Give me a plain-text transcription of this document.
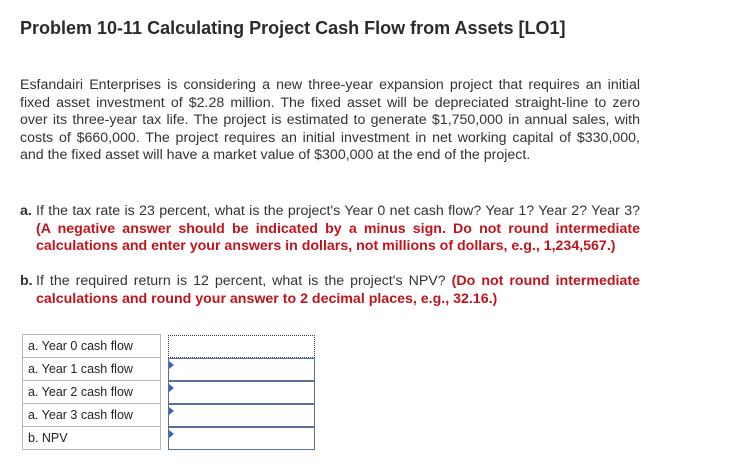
Problem 10-11 Calculating Project Cash Flow from Assets [LO1]
Esfandairi Enterprises is considering a new three-year expansion project that requires an initial fixed asset investment of $2.28 million. The fixed asset will be depreciated straight-line to zero over its three-year tax life. The project is estimated to generate $1,750,000 in annual sales, with costs of $660,000. The project requires an initial investment in net working capital of $330,000, and the fixed asset will have a market value of $300,000 at the end of the project.
a. If the tax rate is 23 percent, what is the project's Year 0 net cash flow? Year 1? Year 2? Year 3? (A negative answer should be indicated by a minus sign. Do not round intermediate calculations and enter your answers in dollars, not millions of dollars, e.g., 1,234,567.)
b. If the required return is 12 percent, what is the project's NPV? (Do not round intermediate calculations and round your answer to 2 decimal places, e.g., 32.16.)
a. Year 0 cash flow		

a. Year 1 cash flow		

a. Year 2 cash flow		

a. Year 3 cash flow		

b. NPV		
